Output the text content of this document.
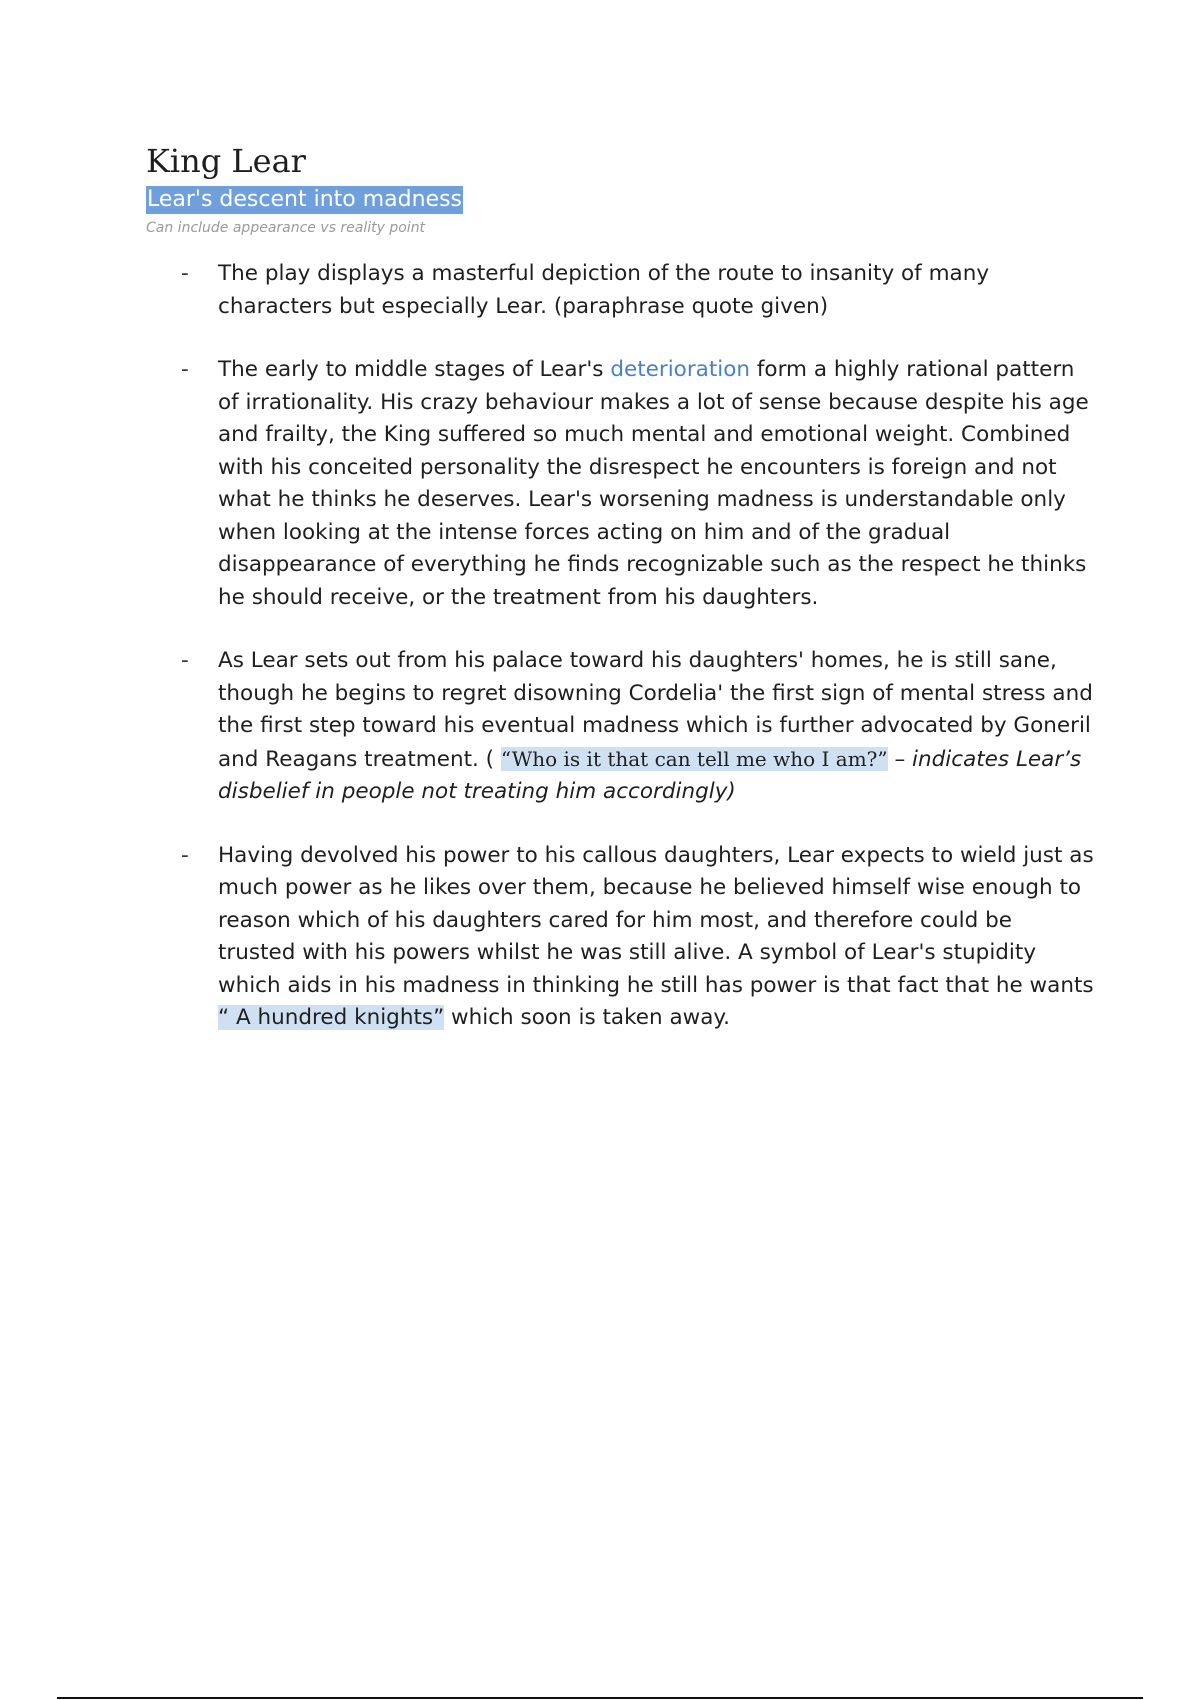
King Lear

Lear's descent into madness

Can include appearance vs reality point

- The play displays a masterful depiction of the route to insanity of many characters but especially Lear. (paraphrase quote given)
- The early to middle stages of Lear's deterioration form a highly rational pattern of irrationality. His crazy behaviour makes a lot of sense because despite his age and frailty, the King suffered so much mental and emotional weight. Combined with his conceited personality the disrespect he encounters is foreign and not what he thinks he deserves. Lear's worsening madness is understandable only when looking at the intense forces acting on him and of the gradual disappearance of everything he finds recognizable such as the respect he thinks he should receive, or the treatment from his daughters.
- As Lear sets out from his palace toward his daughters' homes, he is still sane, though he begins to regret disowning Cordelia' the first sign of mental stress and the first step toward his eventual madness which is further advocated by Goneril and Reagans treatment. ( “Who is it that can tell me who I am?” – indicates Lear’s disbelief in people not treating him accordingly)
- Having devolved his power to his callous daughters, Lear expects to wield just as much power as he likes over them, because he believed himself wise enough to reason which of his daughters cared for him most, and therefore could be trusted with his powers whilst he was still alive. A symbol of Lear's stupidity which aids in his madness in thinking he still has power is that fact that he wants “ A hundred knights” which soon is taken away.
